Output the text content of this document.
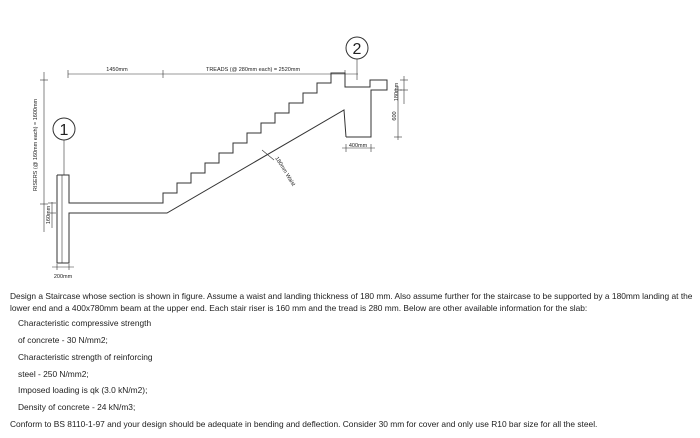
1
2
1450mm	TREADS (@ 280mm each) = 2520mm
RISERS (@ 160mm each) = 1600mm
160mm
200mm
180mm Waist
400mm
600
180mm

Design a Staircase whose section is shown in figure. Assume a waist and landing thickness of 180 mm. Also assume further for the staircase to be supported by a 180mm landing at the lower end and a 400x780mm beam at the upper end. Each stair riser is 160 mm and the tread is 280 mm. Below are other available information for the slab:

Characteristic compressive strength

of concrete - 30 N/mm2;

Characteristic strength of reinforcing

steel - 250 N/mm2;

Imposed loading is qk (3.0 kN/m2);

Density of concrete - 24 kN/m3;

Conform to BS 8110-1-97 and your design should be adequate in bending and deflection. Consider 30 mm for cover and only use R10 bar size for all the steel.
